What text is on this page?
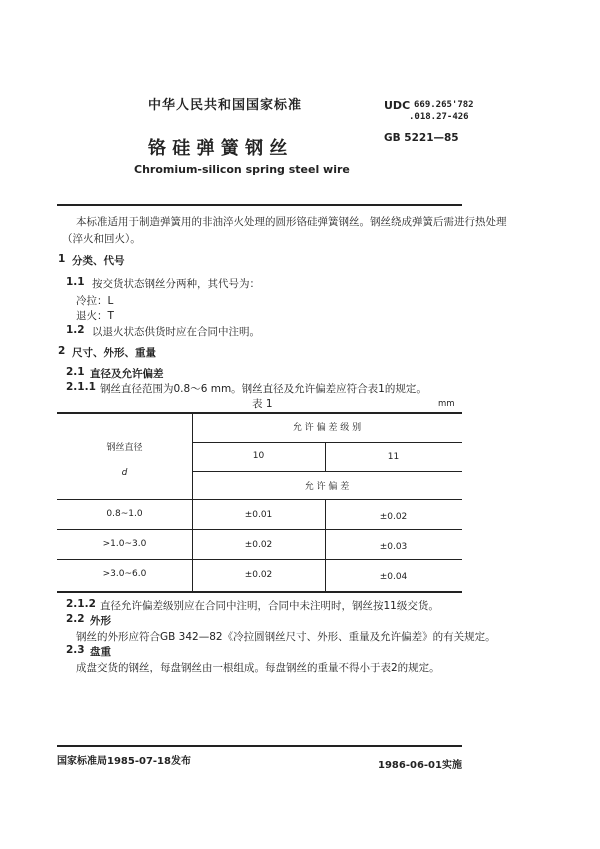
中华人民共和国国家标准
铬 硅 弹 簧 钢 丝
Chromium-silicon spring steel wire
UDC 669.265'782
.018.27-426
GB 5221—85
本标准适用于制造弹簧用的非油淬火处理的圆形铬硅弹簧钢丝。钢丝绕成弹簧后需进行热处理
（淬火和回火）。
1 分类、代号
1.1 按交货状态钢丝分两种，其代号为：
冷拉：L
退火：T
1.2 以退火状态供货时应在合同中注明。
2 尺寸、外形、重量
2.1 直径及允许偏差
2.1.1 钢丝直径范围为0.8～6 mm。钢丝直径及允许偏差应符合表1的规定。
表 1	mm
钢丝直径
d
允 许 偏 差 级 别
10	11
允 许 偏 差
0.8~1.0	±0.01	±0.02
>1.0~3.0	±0.02	±0.03
>3.0~6.0	±0.02	±0.04
2.1.2 直径允许偏差级别应在合同中注明，合同中未注明时，钢丝按11级交货。
2.2 外形
钢丝的外形应符合GB 342—82《冷拉圆钢丝尺寸、外形、重量及允许偏差》的有关规定。
2.3 盘重
成盘交货的钢丝，每盘钢丝由一根组成。每盘钢丝的重量不得小于表2的规定。
国家标准局1985-07-18发布	1986-06-01实施
